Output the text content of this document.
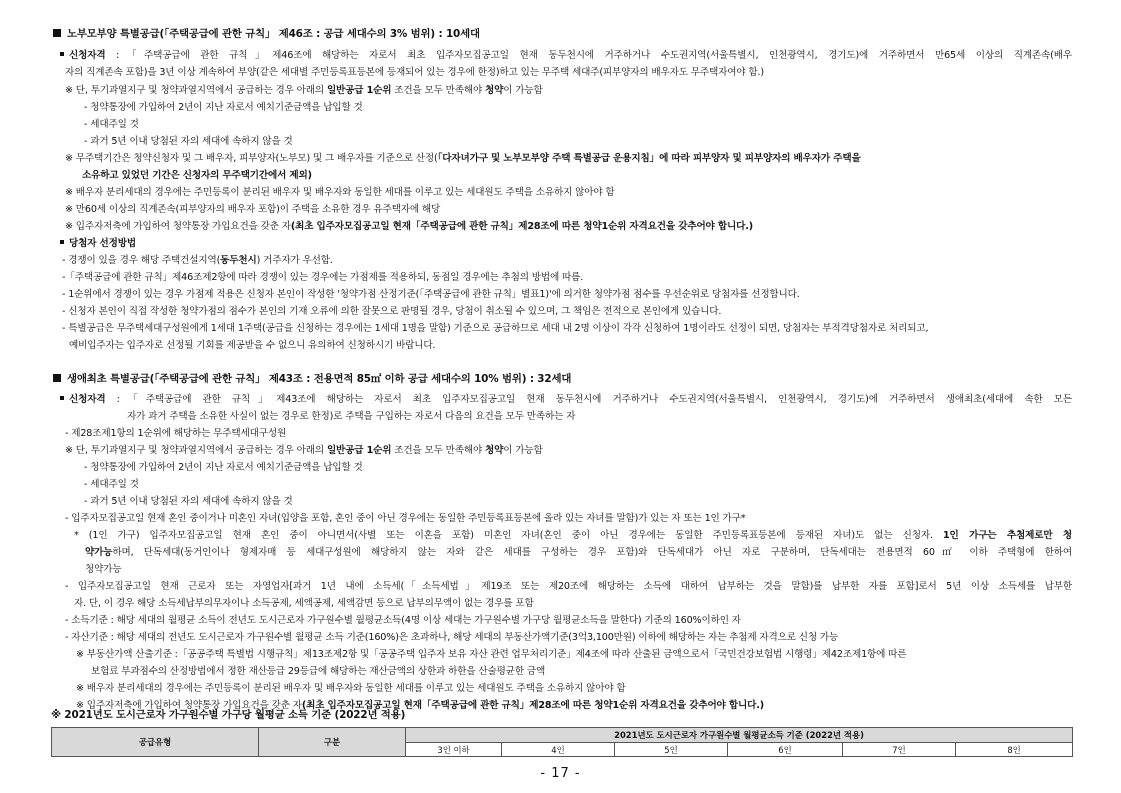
노부모부양 특별공급(「주택공급에 관한 규칙」 제46조 : 공급 세대수의 3% 범위) : 10세대
신청자격 :「주택공급에 관한 규칙」제46조에 해당하는 자로서 최초 입주자모집공고일 현재 동두천시에 거주하거나 수도권지역(서울특별시, 인천광역시, 경기도)에 거주하면서 만65세 이상의 직계존속(배우
자의 직계존속 포함)을 3년 이상 계속하여 부양(같은 세대별 주민등록표등본에 등재되어 있는 경우에 한정)하고 있는 무주택 세대주(피부양자의 배우자도 무주택자여야 함.)
※ 단, 투기과열지구 및 청약과열지역에서 공급하는 경우 아래의 일반공급 1순위 조건을 모두 만족해야 청약이 가능함
- 청약통장에 가입하여 2년이 지난 자로서 예치기준금액을 납입할 것
- 세대주일 것
- 과거 5년 이내 당첨된 자의 세대에 속하지 않을 것
※ 무주택기간은 청약신청자 및 그 배우자, 피부양자(노부모) 및 그 배우자를 기준으로 산정(「다자녀가구 및 노부모부양 주택 특별공급 운용지침」에 따라 피부양자 및 피부양자의 배우자가 주택을
소유하고 있었던 기간은 신청자의 무주택기간에서 제외)
※ 배우자 분리세대의 경우에는 주민등록이 분리된 배우자 및 배우자와 동일한 세대를 이루고 있는 세대원도 주택을 소유하지 않아야 함
※ 만60세 이상의 직계존속(피부양자의 배우자 포함)이 주택을 소유한 경우 유주택자에 해당
※ 입주자저축에 가입하여 청약통장 가입요건을 갖춘 자(최초 입주자모집공고일 현재「주택공급에 관한 규칙」제28조에 따른 청약1순위 자격요건을 갖추어야 합니다.)
당첨자 선정방법
- 경쟁이 있을 경우 해당 주택건설지역(동두천시) 거주자가 우선함.
-「주택공급에 관한 규칙」제46조제2항에 따라 경쟁이 있는 경우에는 가점제를 적용하되, 동점일 경우에는 추첨의 방법에 따름.
- 1순위에서 경쟁이 있는 경우 가점제 적용은 신청자 본인이 작성한 '청약가점 산정기준(「주택공급에 관한 규칙」별표1)'에 의거한 청약가점 점수를 우선순위로 당첨자를 선정합니다.
- 신청자 본인이 직접 작성한 청약가점의 점수가 본인의 기재 오류에 의한 잘못으로 판명될 경우, 당첨이 취소될 수 있으며, 그 책임은 전적으로 본인에게 있습니다.
- 특별공급은 무주택세대구성원에게 1세대 1주택(공급을 신청하는 경우에는 1세대 1명을 말함) 기준으로 공급하므로 세대 내 2명 이상이 각각 신청하여 1명이라도 선정이 되면, 당첨자는 부적격당첨자로 처리되고,
예비입주자는 입주자로 선정될 기회를 제공받을 수 없으니 유의하여 신청하시기 바랍니다.
생애최초 특별공급(「주택공급에 관한 규칙」 제43조 : 전용면적 85㎡ 이하 공급 세대수의 10% 범위) : 32세대
신청자격 :「주택공급에 관한 규칙」제43조에 해당하는 자로서 최초 입주자모집공고일 현재 동두천시에 거주하거나 수도권지역(서울특별시, 인천광역시, 경기도)에 거주하면서 생애최초(세대에 속한 모든
자가 과거 주택을 소유한 사실이 없는 경우로 한정)로 주택을 구입하는 자로서 다음의 요건을 모두 만족하는 자
- 제28조제1항의 1순위에 해당하는 무주택세대구성원
※ 단, 투기과열지구 및 청약과열지역에서 공급하는 경우 아래의 일반공급 1순위 조건을 모두 만족해야 청약이 가능함
- 청약통장에 가입하여 2년이 지난 자로서 예치기준금액을 납입할 것
- 세대주일 것
- 과거 5년 이내 당첨된 자의 세대에 속하지 않을 것
- 입주자모집공고일 현재 혼인 중이거나 미혼인 자녀(입양을 포함, 혼인 중이 아닌 경우에는 동일한 주민등록표등본에 올라 있는 자녀를 말함)가 있는 자 또는 1인 가구*
* (1인 가구) 입주자모집공고일 현재 혼인 중이 아니면서(사별 또는 이혼을 포함) 미혼인 자녀(혼인 중이 아닌 경우에는 동일한 주민등록표등본에 등재된 자녀)도 없는 신청자. 1인 가구는 추첨제로만 청
약가능하며, 단독세대(동거인이나 형제자매 등 세대구성원에 해당하지 않는 자와 같은 세대를 구성하는 경우 포함)와 단독세대가 아닌 자로 구분하며, 단독세대는 전용면적 60㎡ 이하 주택형에 한하여
청약가능
- 입주자모집공고일 현재 근로자 또는 자영업자[과거 1년 내에 소득세(「소득세법」제19조 또는 제20조에 해당하는 소득에 대하여 납부하는 것을 말함)를 납부한 자를 포함]로서 5년 이상 소득세를 납부한
자. 단, 이 경우 해당 소득세납부의무자이나 소득공제, 세액공제, 세액감면 등으로 납부의무액이 없는 경우를 포함
- 소득기준 : 해당 세대의 월평균 소득이 전년도 도시근로자 가구원수별 월평균소득(4명 이상 세대는 가구원수별 가구당 월평균소득을 말한다) 기준의 160%이하인 자
- 자산기준 : 해당 세대의 전년도 도시근로자 가구원수별 월평균 소득 기준(160%)은 초과하나, 해당 세대의 부동산가액기준(3억3,100만원) 이하에 해당하는 자는 추첨제 자격으로 신청 가능
※ 부동산가액 산출기준 :「공공주택 특별법 시행규칙」제13조제2항 및「공공주택 입주자 보유 자산 관련 업무처리기준」제4조에 따라 산출된 금액으로서「국민건강보험법 시행령」제42조제1항에 따른
보험료 부과점수의 산정방법에서 정한 재산등급 29등급에 해당하는 재산금액의 상한과 하한을 산술평균한 금액
※ 배우자 분리세대의 경우에는 주민등록이 분리된 배우자 및 배우자와 동일한 세대를 이루고 있는 세대원도 주택을 소유하지 않아야 함
※ 입주자저축에 가입하여 청약통장 가입요건을 갖춘 자(최초 입주자모집공고일 현재「주택공급에 관한 규칙」제28조에 따른 청약1순위 자격요건을 갖추어야 합니다.)
※ 2021년도 도시근로자 가구원수별 가구당 월평균 소득 기준 (2022년 적용)
공급유형	구분	2021년도 도시근로자 가구원수별 월평균소득 기준 (2022년 적용)					
		3인 이하	4인	5인	6인	7인	8인
- 17 -
